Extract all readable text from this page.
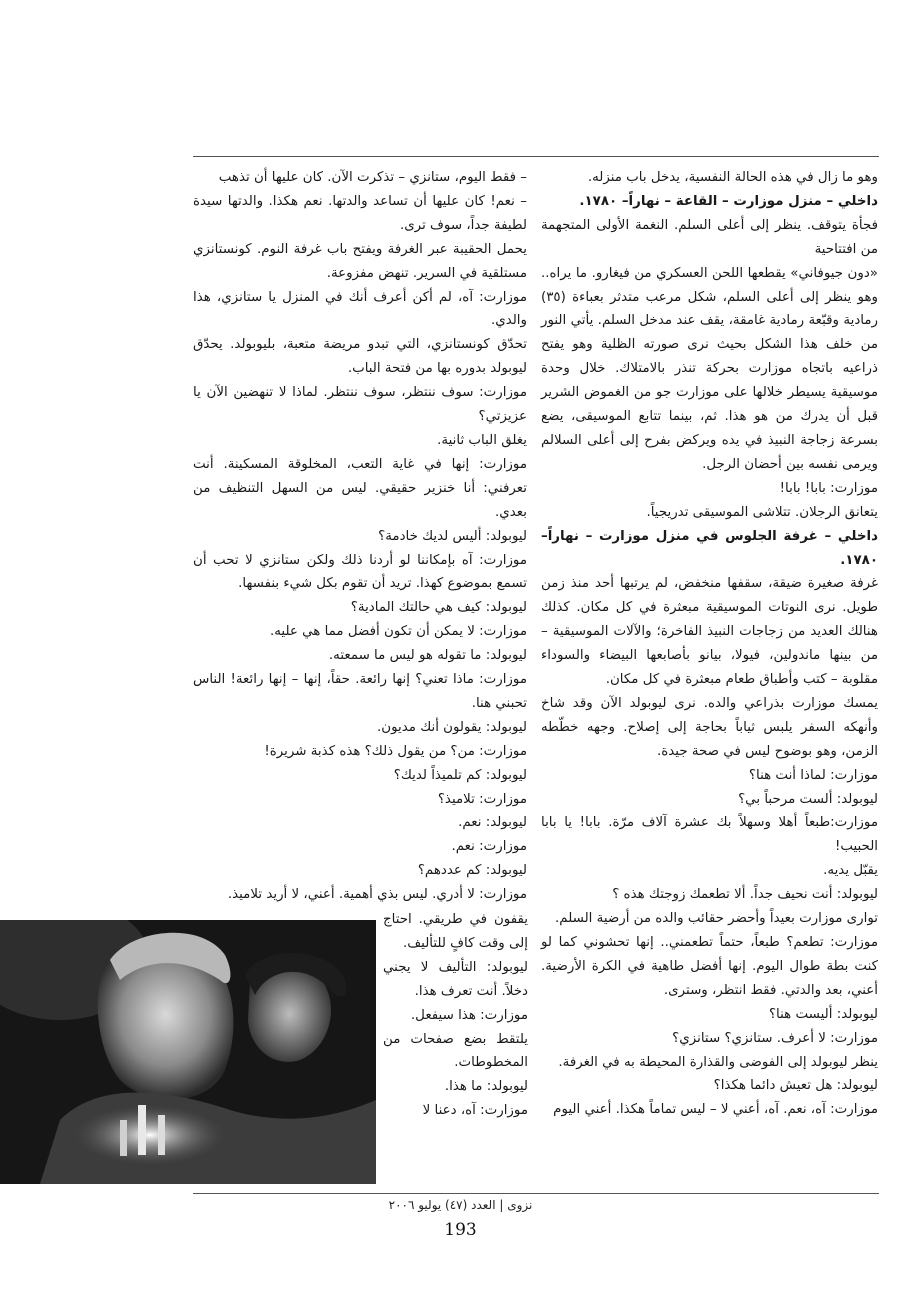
وهو ما زال في هذه الحالة النفسية، يدخل باب منزله.

داخلي – منزل موزارت – القاعة – نهاراً– ١٧٨٠.

فجأة يتوقف. ينظر إلى أعلى السلم. النغمة الأولى المتجهمة من افتتاحية

«دون جيوفاني» يقطعها اللحن العسكري من فيغارو. ما يراه.. وهو ينظر إلى أعلى السلم، شكل مرعب متدثر بعباءة (٣٥) رمادية وقبّعة رمادية غامقة، يقف عند مدخل السلم. يأتي النور من خلف هذا الشكل بحيث نرى صورته الظلية وهو يفتح ذراعيه باتجاه موزارت بحركة تنذر بالامتلاك. خلال وحدة موسيقية يسيطر خلالها على موزارت جو من الغموض الشرير قبل أن يدرك من هو هذا. ثم، بينما تتابع الموسيقى، يضع بسرعة زجاجة النبيذ في يده ويركض بفرح إلى أعلى السلالم ويرمى نفسه بين أحضان الرجل.

موزارت: بابا! بابا!

يتعانق الرجلان. تتلاشى الموسيقى تدريجياً.

داخلي – غرفة الجلوس في منزل موزارت – نهاراً– ١٧٨٠.

غرفة صغيرة ضيقة، سقفها منخفض، لم يرتبها أحد منذ زمن طويل. نرى النوتات الموسيقية مبعثرة في كل مكان. كذلك هنالك العديد من زجاجات النبيذ الفاخرة؛ والآلات الموسيقية – من بينها ماندولين، فيولا، بيانو بأصابعها البيضاء والسوداء مقلوبة – كتب وأطباق طعام مبعثرة في كل مكان.

يمسك موزارت بذراعي والده. نرى ليوبولد الآن وقد شاخ وأنهكه السفر يلبس ثياباً بحاجة إلى إصلاح. وجهه خطّطه الزمن، وهو بوضوح ليس في صحة جيدة.

موزارت: لماذا أنت هنا؟

ليوبولد: ألست مرحباً بي؟

موزارت:طبعاً أهلا وسهلاً بك عشرة آلاف مرّة. بابا! يا بابا الحبيب!

يقبّل يديه.

ليوبولد: أنت نحيف جداً. ألا تطعمك زوجتك هذه ؟

توارى موزارت بعيداً وأحضر حقائب والده من أرضية السلم.

موزارت: تطعم؟ طبعاً، حتماً تطعمني.. إنها تحشوني كما لو كنت بطة طوال اليوم. إنها أفضل طاهية في الكرة الأرضية. أعني، بعد والدتي. فقط انتظر، وسترى.

ليوبولد: أليست هنا؟

موزارت: لا أعرف. ستانزي؟ ستانزي؟

ينظر ليوبولد إلى الفوضى والقذارة المحيطة به في الغرفة.

ليوبولد: هل تعيش دائما هكذا؟

موزارت: آه، نعم. آه، أعني لا – ليس تماماً هكذا. أعني اليوم

– فقط اليوم، ستانزي – تذكرت الآن. كان عليها أن تذهب

– نعم! كان عليها أن تساعد والدتها. نعم هكذا. والدتها سيدة لطيفة جداً، سوف ترى.

يحمل الحقيبة عبر الغرفة ويفتح باب غرفة النوم. كونستانزي مستلقية في السرير. تنهض مفزوعة.

موزارت: آه، لم أكن أعرف أنك في المنزل يا ستانزي، هذا والدي.

تحدّق كونستانزي، التي تبدو مريضة متعبة، بليوبولد. يحدّق ليوبولد بدوره بها من فتحة الباب.

موزارت: سوف ننتظر، سوف ننتظر. لماذا لا تنهضين الآن يا عزيزتي؟

يغلق الباب ثانية.

موزارت: إنها في غاية التعب، المخلوقة المسكينة. أنت تعرفني: أنا خنزير حقيقي. ليس من السهل التنظيف من بعدي.

ليوبولد: أليس لديك خادمة؟

موزارت: آه بإمكاننا لو أردنا ذلك ولكن ستانزي لا تحب أن تسمع بموضوع كهذا. تريد أن تقوم بكل شيء بنفسها.

ليوبولد: كيف هي حالتك المادية؟

موزارت: لا يمكن أن تكون أفضل مما هي عليه.

ليوبولد: ما تقوله هو ليس ما سمعته.

موزارت: ماذا تعني؟ إنها رائعة. حقاً، إنها – إنها رائعة! الناس تحبني هنا.

ليوبولد: يقولون أنك مديون.

موزارت: من؟ من يقول ذلك؟ هذه كذبة شريرة!

ليوبولد: كم تلميذاً لديك؟

موزارت: تلاميذ؟

ليوبولد: نعم.

موزارت: نعم.

ليوبولد: كم عددهم؟

موزارت: لا أدري. ليس بذي أهمية. أعني، لا أريد تلاميذ.

يقفون في طريقي. احتاج إلى وقت كافٍ للتأليف.

ليوبولد: التأليف لا يجني دخلاً. أنت تعرف هذا.

موزارت: هذا سيفعل.

يلتقط بضع صفحات من المخطوطات.

ليوبولد: ما هذا.

موزارت: آه، دعنا لا

نزوى | العدد (٤٧) يوليو ٢٠٠٦
193
